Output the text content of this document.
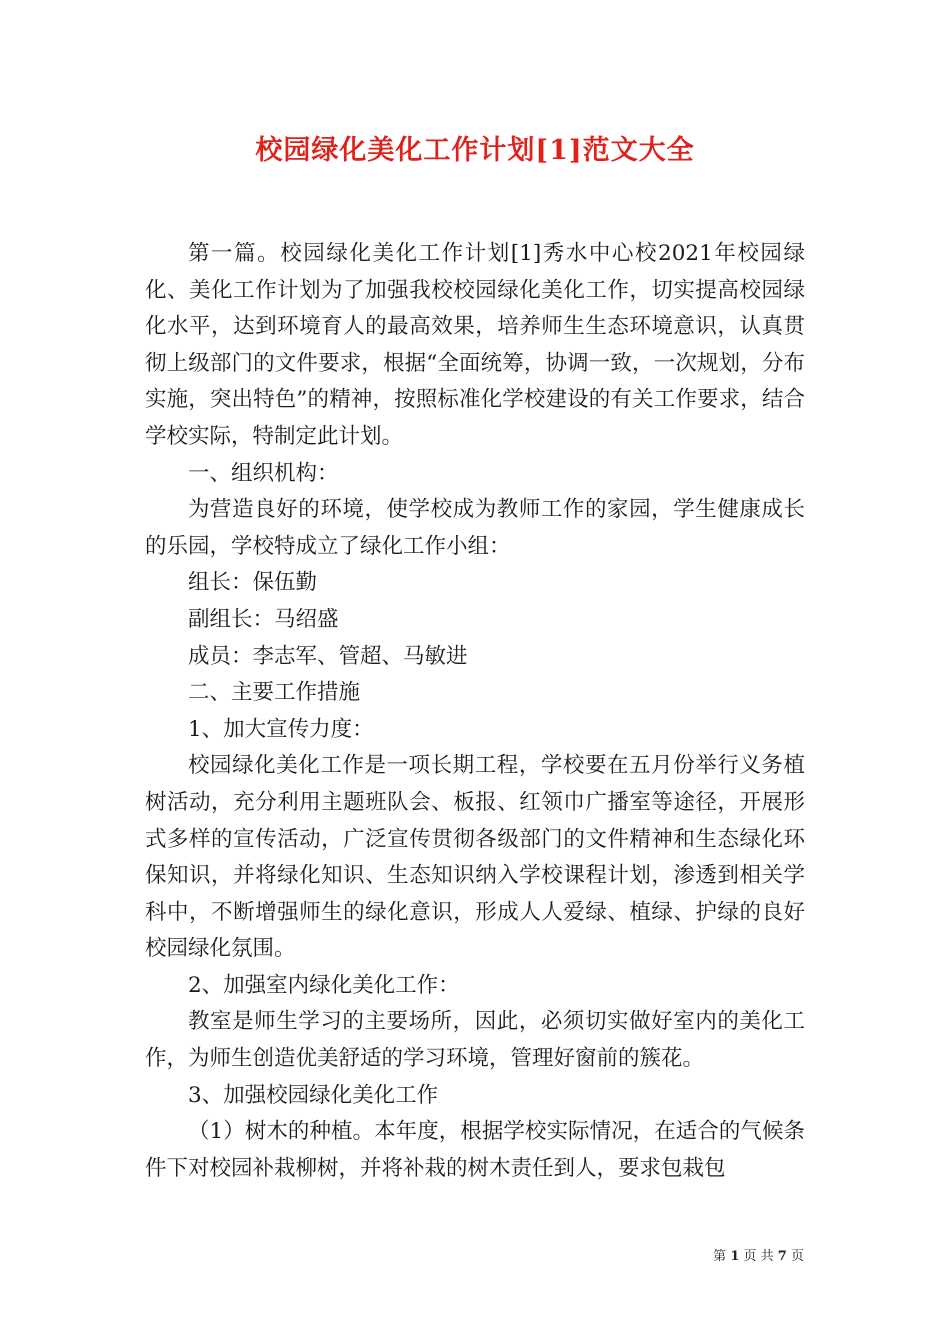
校园绿化美化工作计划[1]范文大全

第一篇。校园绿化美化工作计划[1]秀水中心校2021年校园绿化、美化工作计划为了加强我校校园绿化美化工作，切实提高校园绿化水平，达到环境育人的最高效果，培养师生生态环境意识，认真贯彻上级部门的文件要求，根据“全面统筹，协调一致，一次规划，分布实施，突出特色”的精神，按照标准化学校建设的有关工作要求，结合学校实际，特制定此计划。

一、组织机构：

为营造良好的环境，使学校成为教师工作的家园，学生健康成长的乐园，学校特成立了绿化工作小组：

组长：保伍勤

副组长：马绍盛

成员：李志军、管超、马敏进

二、主要工作措施

1、加大宣传力度：

校园绿化美化工作是一项长期工程，学校要在五月份举行义务植树活动，充分利用主题班队会、板报、红领巾广播室等途径，开展形式多样的宣传活动，广泛宣传贯彻各级部门的文件精神和生态绿化环保知识，并将绿化知识、生态知识纳入学校课程计划，渗透到相关学科中，不断增强师生的绿化意识，形成人人爱绿、植绿、护绿的良好校园绿化氛围。

2、加强室内绿化美化工作：

教室是师生学习的主要场所，因此，必须切实做好室内的美化工作，为师生创造优美舒适的学习环境，管理好窗前的簇花。

3、加强校园绿化美化工作

（1）树木的种植。本年度，根据学校实际情况，在适合的气候条件下对校园补栽柳树，并将补栽的树木责任到人，要求包栽包

第 1 页 共 7 页
